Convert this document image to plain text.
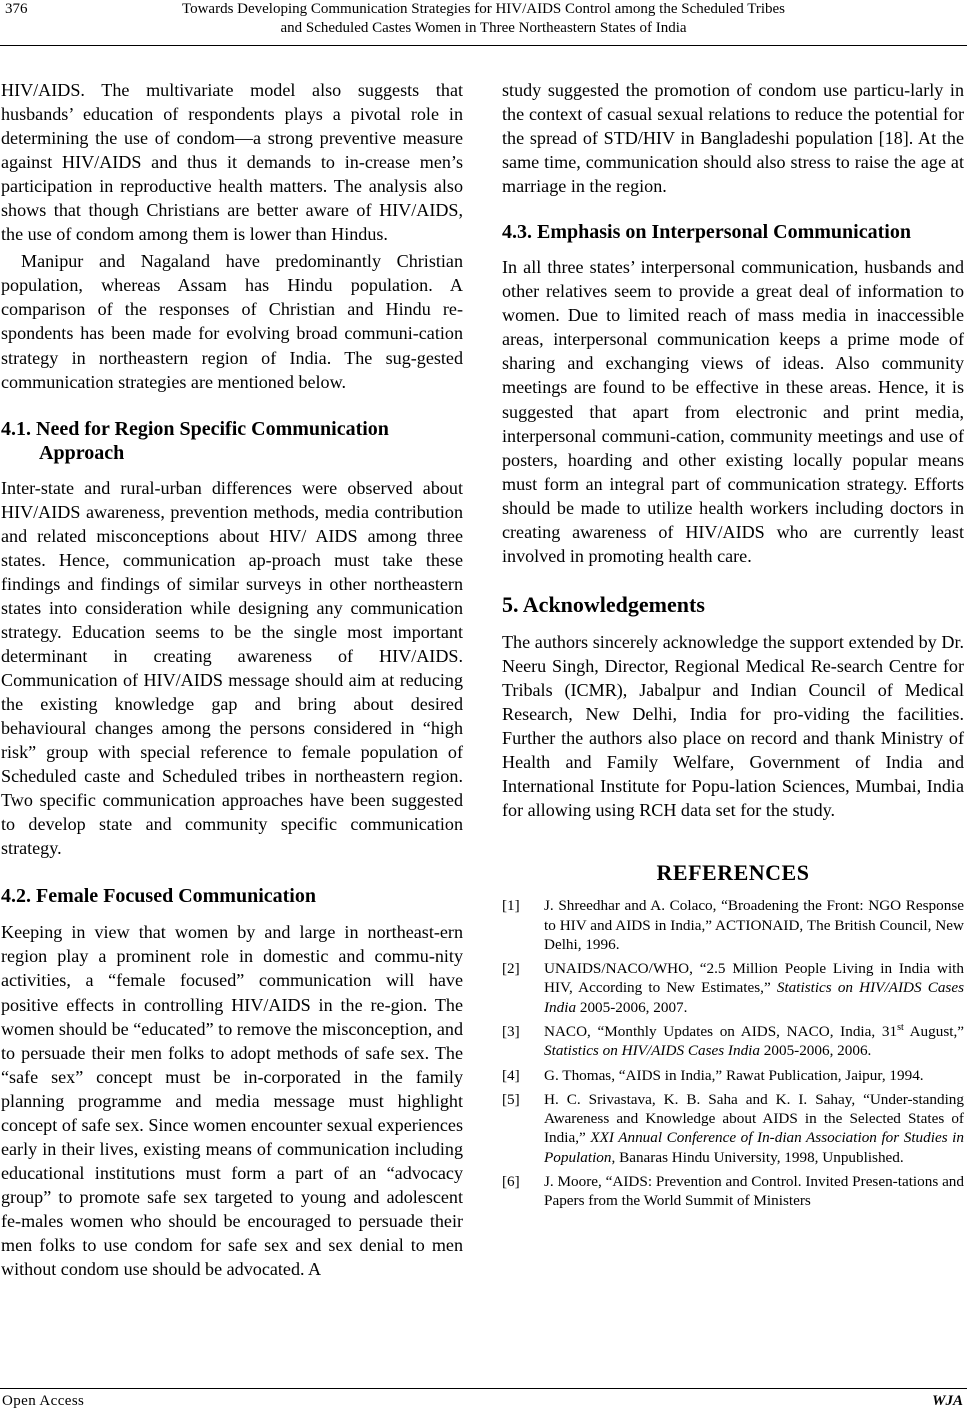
376	Towards Developing Communication Strategies for HIV/AIDS Control among the Scheduled Tribes
and Scheduled Castes Women in Three Northeastern States of India

HIV/AIDS. The multivariate model also suggests that husbands’ education of respondents plays a pivotal role in determining the use of condom—a strong preventive measure against HIV/AIDS and thus it demands to in-crease men’s participation in reproductive health matters. The analysis also shows that though Christians are better aware of HIV/AIDS, the use of condom among them is lower than Hindus.

Manipur and Nagaland have predominantly Christian population, whereas Assam has Hindu population. A comparison of the responses of Christian and Hindu re-spondents has been made for evolving broad communi-cation strategy in northeastern region of India. The sug-gested communication strategies are mentioned below.

4.1. Need for Region Specific Communication Approach

Inter-state and rural-urban differences were observed about HIV/AIDS awareness, prevention methods, media contribution and related misconceptions about HIV/ AIDS among three states. Hence, communication ap-proach must take these findings and findings of similar surveys in other northeastern states into consideration while designing any communication strategy. Education seems to be the single most important determinant in creating awareness of HIV/AIDS. Communication of HIV/AIDS message should aim at reducing the existing knowledge gap and bring about desired behavioural changes among the persons considered in “high risk” group with special reference to female population of Scheduled caste and Scheduled tribes in northeastern region. Two specific communication approaches have been suggested to develop state and community specific communication strategy.

4.2. Female Focused Communication

Keeping in view that women by and large in northeast-ern region play a prominent role in domestic and commu-nity activities, a “female focused” communication will have positive effects in controlling HIV/AIDS in the re-gion. The women should be “educated” to remove the misconception, and to persuade their men folks to adopt methods of safe sex. The “safe sex” concept must be in-corporated in the family planning programme and media message must highlight concept of safe sex. Since women encounter sexual experiences early in their lives, existing means of communication including educational institutions must form a part of an “advocacy group” to promote safe sex targeted to young and adolescent fe-males women who should be encouraged to persuade their men folks to use condom for safe sex and sex denial to men without condom use should be advocated. A

study suggested the promotion of condom use particu-larly in the context of casual sexual relations to reduce the potential for the spread of STD/HIV in Bangladeshi population [18]. At the same time, communication should also stress to raise the age at marriage in the region.

4.3. Emphasis on Interpersonal Communication

In all three states’ interpersonal communication, husbands and other relatives seem to provide a great deal of information to women. Due to limited reach of mass media in inaccessible areas, interpersonal communication keeps a prime mode of sharing and exchanging views of ideas. Also community meetings are found to be effective in these areas. Hence, it is suggested that apart from electronic and print media, interpersonal communi-cation, community meetings and use of posters, hoarding and other existing locally popular means must form an integral part of communication strategy. Efforts should be made to utilize health workers including doctors in creating awareness of HIV/AIDS who are currently least involved in promoting health care.

5. Acknowledgements

The authors sincerely acknowledge the support extended by Dr. Neeru Singh, Director, Regional Medical Re-search Centre for Tribals (ICMR), Jabalpur and Indian Council of Medical Research, New Delhi, India for pro-viding the facilities. Further the authors also place on record and thank Ministry of Health and Family Welfare, Government of India and International Institute for Popu-lation Sciences, Mumbai, India for allowing using RCH data set for the study.

REFERENCES
[1]	J. Shreedhar and A. Colaco, “Broadening the Front: NGO Response to HIV and AIDS in India,” ACTIONAID, The British Council, New Delhi, 1996.
[2]	UNAIDS/NACO/WHO, “2.5 Million People Living in India with HIV, According to New Estimates,” Statistics on HIV/AIDS Cases India 2005-2006, 2007.
[3]	NACO, “Monthly Updates on AIDS, NACO, India, 31st August,” Statistics on HIV/AIDS Cases India 2005-2006, 2006.
[4]	G. Thomas, “AIDS in India,” Rawat Publication, Jaipur, 1994.
[5]	H. C. Srivastava, K. B. Saha and K. I. Sahay, “Under-standing Awareness and Knowledge about AIDS in the Selected States of India,” XXI Annual Conference of In-dian Association for Studies in Population, Banaras Hindu University, 1998, Unpublished.
[6]	J. Moore, “AIDS: Prevention and Control. Invited Presen-tations and Papers from the World Summit of Ministers
Open Access	WJA
